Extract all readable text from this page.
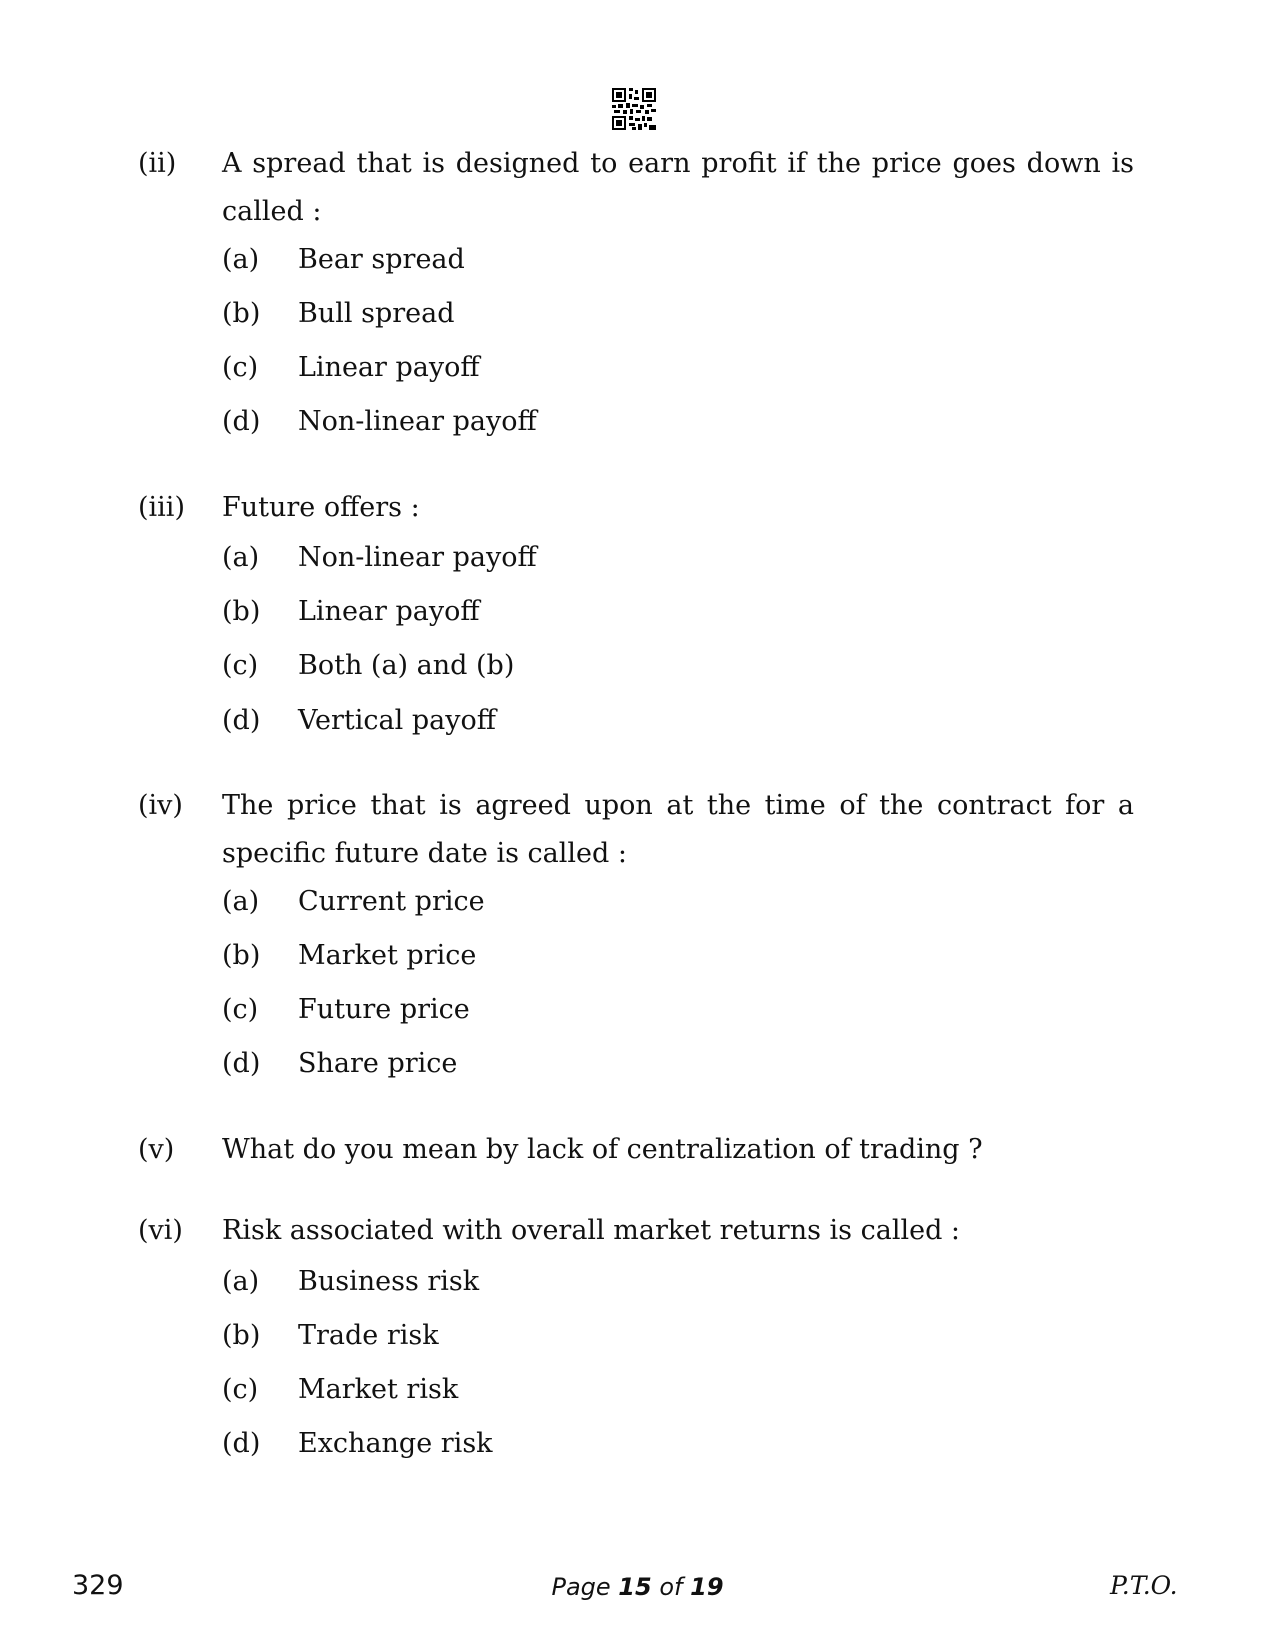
(ii) A spread that is designed to earn profit if the price goes down is called :
(a) Bear spread
(b) Bull spread
(c) Linear payoff
(d) Non-linear payoff
(iii) Future offers :
(a) Non-linear payoff
(b) Linear payoff
(c) Both (a) and (b)
(d) Vertical payoff
(iv) The price that is agreed upon at the time of the contract for a specific future date is called :
(a) Current price
(b) Market price
(c) Future price
(d) Share price
(v) What do you mean by lack of centralization of trading ?
(vi) Risk associated with overall market returns is called :
(a) Business risk
(b) Trade risk
(c) Market risk
(d) Exchange risk
329	Page 15 of 19	P.T.O.
